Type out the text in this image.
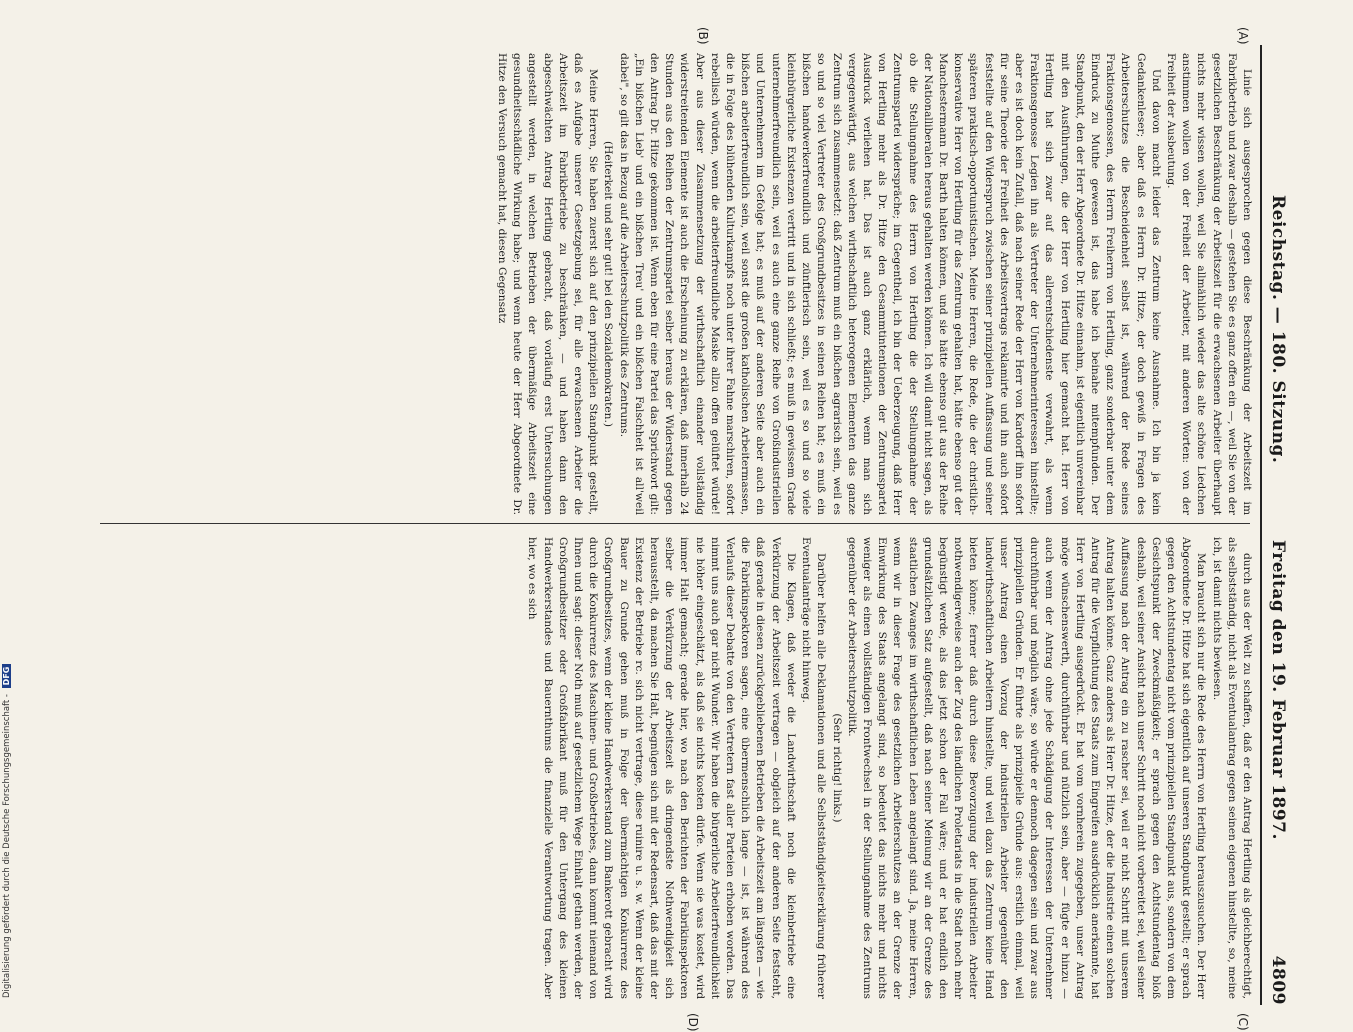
Reichstag. — 180. Sitzung.
Freitag den 19. Februar 1897.
4809
(A)
(B)
(C)
(D)

Linie sich ausgesprochen gegen diese Beschränkung der Arbeitszeit im Fabrikbetrieb und zwar deshalb — gestehen Sie es ganz offen ein —, weil Sie von der gesetzlichen Beschränkung der Arbeitszeit für die erwachsenen Arbeiter überhaupt nichts mehr wissen wollen, weil Sie allmählich wieder das alte schöne Liedchen anstimmen wollen von der Freiheit der Arbeiter, mit anderen Worten: von der Freiheit der Ausbeutung.

Und davon macht leider das Zentrum keine Ausnahme. Ich bin ja kein Gedankenleser; aber daß es Herrn Dr. Hitze, der doch gewiß in Fragen des Arbeiterschutzes die Bescheidenheit selbst ist, während der Rede seines Fraktionsgenossen, des Herrn Freiherrn von Hertling, ganz sonderbar unter dem Eindruck zu Muthe gewesen ist, das habe ich beinahe mitempfunden. Der Standpunkt, den der Herr Abgeordnete Dr. Hitze einnahm, ist eigentlich unvereinbar mit den Ausführungen, die der Herr von Hertling hier gemacht hat. Herr von Hertling hat sich zwar auf das allerentschiedenste verwahrt, als wenn Fraktionsgenosse Legien ihn als Vertreter der Unternehmerinteressen hinstellte; aber es ist doch kein Zufall, daß nach seiner Rede der Herr von Kardorff ihn sofort für seine Theorie der Freiheit des Arbeitsvertrags reklamirte und ihn auch sofort feststellte auf den Widerspruch zwischen seiner prinzipiellen Auffassung und seiner späteren praktisch-opportunistischen. Meine Herren, die Rede, die der christlich-konservative Herr von Hertling für das Zentrum gehalten hat, hätte ebenso gut der Manchestermann Dr. Barth halten können, und sie hätte ebenso gut aus der Reihe der Nationalliberalen heraus gehalten werden können. Ich will damit nicht sagen, als ob die Stellungnahme des Herrn von Hertling die der Stellungnahme der Zentrumspartei widerspräche; im Gegentheil, ich bin der Ueberzeugung, daß Herr von Hertling mehr als Dr. Hitze den Gesammtintentionen der Zentrumspartei Ausdruck verliehen hat. Das ist auch ganz erklärlich, wenn man sich vergegenwärtigt, aus welchen wirthschaftlich heterogenen Elementen das ganze Zentrum sich zusammensetzt: daß Zentrum muß ein bißchen agrarisch sein, weil es so und so viel Vertreter des Großgrundbesitzes in seinen Reihen hat; es muß ein bißchen handwerkerfreundlich und zünftlerisch sein, weil es so und so viele kleinbürgerliche Existenzen vertritt und in sich schließt; es muß in gewissem Grade unternehmerfreundlich sein, weil es auch eine ganze Reihe von Großindustriellen und Unternehmern im Gefolge hat; es muß auf der anderen Seite aber auch ein bißchen arbeiterfreundlich sein, weil sonst die großen katholischen Arbeitermassen, die in Folge des blühenden Kulturkampfs noch unter ihrer Fahne marschiren, sofort rebellisch würden, wenn die arbeiterfreundliche Maske allzu offen gelüftet würde! Aber aus dieser Zusammensetzung der wirthschaftlich einander vollständig widerstreitenden Elemente ist auch die Erscheinung zu erklären, daß innerhalb 24 Stunden aus den Reihen der Zentrumspartei selber heraus der Widerstand gegen den Antrag Dr. Hitze gekommen ist. Wenn eben für eine Partei das Sprichwort gilt: „Ein bißchen Lieb' und ein bißchen Treu' und ein bißchen Falschheit ist all'weil dabei", so gilt das in Bezug auf die Arbeiterschutzpolitik des Zentrums.

(Heiterkeit und sehr gut! bei den Sozialdemokraten.)

Meine Herren, Sie haben zuerst sich auf den prinzipiellen Standpunkt gestellt, daß es Aufgabe unserer Gesetzgebung sei, für alle erwachsenen Arbeiter die Arbeitszeit im Fabrikbetriebe zu beschränken, — und haben dann den abgeschwächten Antrag Hertling gebracht, daß vorläufig erst Untersuchungen angestellt werden, in welchen Betrieben der übermäßige Arbeitszeit eine gesundheitsschädliche Wirkung habe; und wenn heute der Herr Abgeordnete Dr. Hitze den Versuch gemacht hat, diesen Gegensatz

durch aus der Welt zu schaffen, daß er den Antrag Hertling als gleichberechtigt, als selbstständig, nicht als Eventualantrag gegen seinen eigenen hinstellte, so, meine ich, ist damit nichts bewiesen.

Man braucht sich nur die Rede des Herrn von Hertling herauszusuchen. Der Herr Abgeordnete Dr. Hitze hat sich eigentlich auf unseren Standpunkt gestellt; er sprach gegen den Achtstundentag nicht vom prinzipiellen Standpunkt aus, sondern von dem Gesichtspunkt der Zweckmäßigkeit; er sprach gegen den Achtstundentag bloß deshalb, weil seiner Ansicht nach unser Schritt noch nicht vorbereitet sei, weil seiner Auffassung nach der Antrag ein zu rascher sei, weil er nicht Schritt mit unserem Antrag halten könne. Ganz anders als Herr Dr. Hitze, der die Industrie einen solchen Antrag für die Verpflichtung des Staats zum Eingreifen ausdrücklich anerkannte, hat Herr von Hertling ausgedrückt. Er hat vom vornherein zugegeben, unser Antrag möge wünschenswerth, durchführbar und nützlich sein, aber — fügte er hinzu — auch wenn der Antrag ohne jede Schädigung der Interessen der Unternehmer durchführbar und möglich wäre, so würde er dennoch dagegen sein und zwar aus prinzipiellen Gründen. Er führte als prinzipielle Gründe aus: erstlich einmal, weil unser Antrag einen Vorzug der industriellen Arbeiter gegenüber den landwirthschaftlichen Arbeitern hinstellte, und weil dazu das Zentrum keine Hand bieten könne; ferner daß durch diese Bevorzugung der industriellen Arbeiter nothwendigerweise auch der Zug des ländlichen Proletariats in die Stadt noch mehr begünstigt werde, als das jetzt schon der Fall wäre; und er hat endlich den grundsätzlichen Satz aufgestellt, daß nach seiner Meinung wir an der Grenze des staatlichen Zwanges im wirthschaftlichen Leben angelangt sind. Ja, meine Herren, wenn wir in dieser Frage des gesetzlichen Arbeiterschutzes an der Grenze der Einwirkung des Staats angelangt sind, so bedeutet das nichts mehr und nichts weniger als einen vollständigen Frontwechsel in der Stellungnahme des Zentrums gegenüber der Arbeiterschutzpolitik.

(Sehr richtig! links.)

Darüber helfen alle Deklamationen und alle Selbstständigkeitserklärung früherer Eventualanträge nicht hinweg.

Die Klagen, daß weder die Landwirthschaft noch die kleinbetriebe eine Verkürzung der Arbeitszeit vertragen — obgleich auf der anderen Seite feststeht, daß gerade in diesen zurückgebliebenen Betrieben die Arbeitszeit am längsten — wie die Fabrikinspektoren sagen, eine übermenschlich lange — ist, ist während des Verlaufs dieser Debatte von den Vertretern fast aller Parteien erhoben worden. Das nimmt uns auch gar nicht Wunder. Wir haben die bürgerliche Arbeiterfreundlichkeit nie höher eingeschätzt, als daß sie nichts kosten dürfe. Wenn sie was kostet, wird immer Halt gemacht; gerade hier, wo nach den Berichten der Fabrikinspektoren selber die Verkürzung der Arbeitszeit als dringendste Nothwendigkeit sich herausstellt, da machen Sie Halt, begnügen sich mit der Redensart, daß das mit der Existenz der Betriebe rc. sich nicht vertrage, diese ruinire u. s. w. Wenn der kleine Bauer zu Grunde gehen muß in Folge der übermächtigen Konkurrenz des Großgrundbesitzes, wenn der kleine Handwerkerstand zum Bankerott gebracht wird durch die Konkurrenz des Maschinen- und Großbetriebes, dann kommt niemand von Ihnen und sagt: dieser Noth muß auf gesetzlichem Wege Einhalt gethan werden, der Großgrundbesitzer oder Großfabrikant muß für den Untergang des kleinen Handwerkerstandes und Bauernthums die finanzielle Verantwortung tragen. Aber hier, wo es sich

Digitalisierung gefördert durch die Deutsche Forschungsgemeinschaft - DFG
